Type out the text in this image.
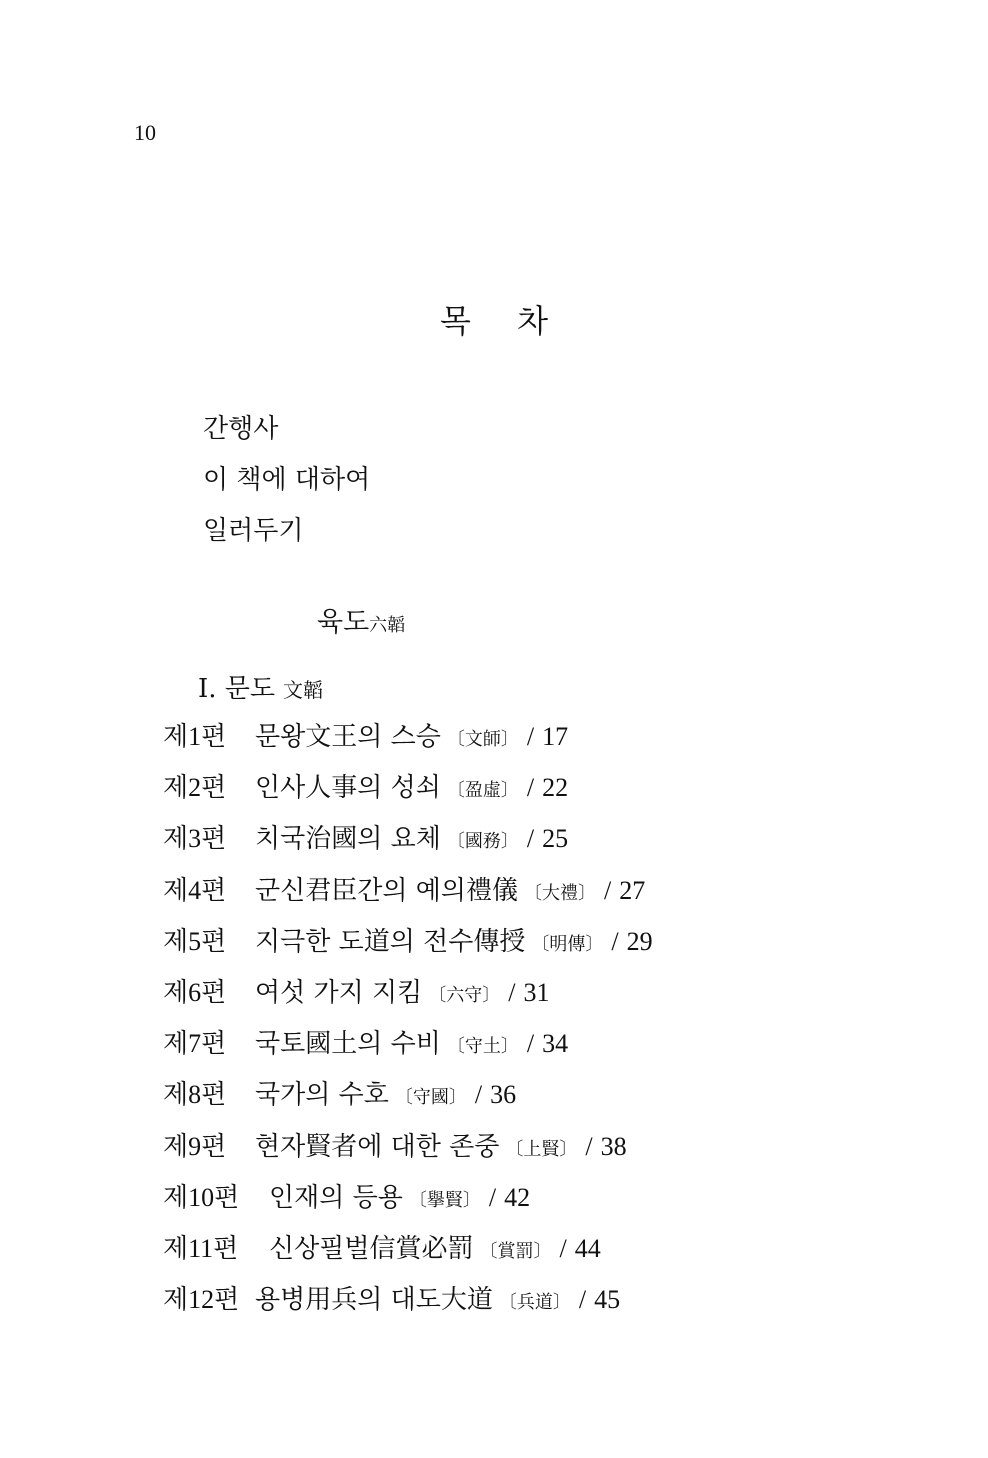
10
목 차
간행사
이 책에 대하여
일러두기
육도六韜
Ⅰ. 문도 文韜
제1편 문왕文王의 스승 〔文師〕 / 17
제2편 인사人事의 성쇠 〔盈虛〕 / 22
제3편 치국治國의 요체 〔國務〕 / 25
제4편 군신君臣간의 예의禮儀 〔大禮〕 / 27
제5편 지극한 도道의 전수傳授 〔明傳〕 / 29
제6편 여섯 가지 지킴 〔六守〕 / 31
제7편 국토國土의 수비 〔守土〕 / 34
제8편 국가의 수호 〔守國〕 / 36
제9편 현자賢者에 대한 존중 〔上賢〕 / 38
제10편 인재의 등용 〔擧賢〕 / 42
제11편 신상필벌信賞必罰 〔賞罰〕 / 44
제12편 용병用兵의 대도大道 〔兵道〕 / 45
